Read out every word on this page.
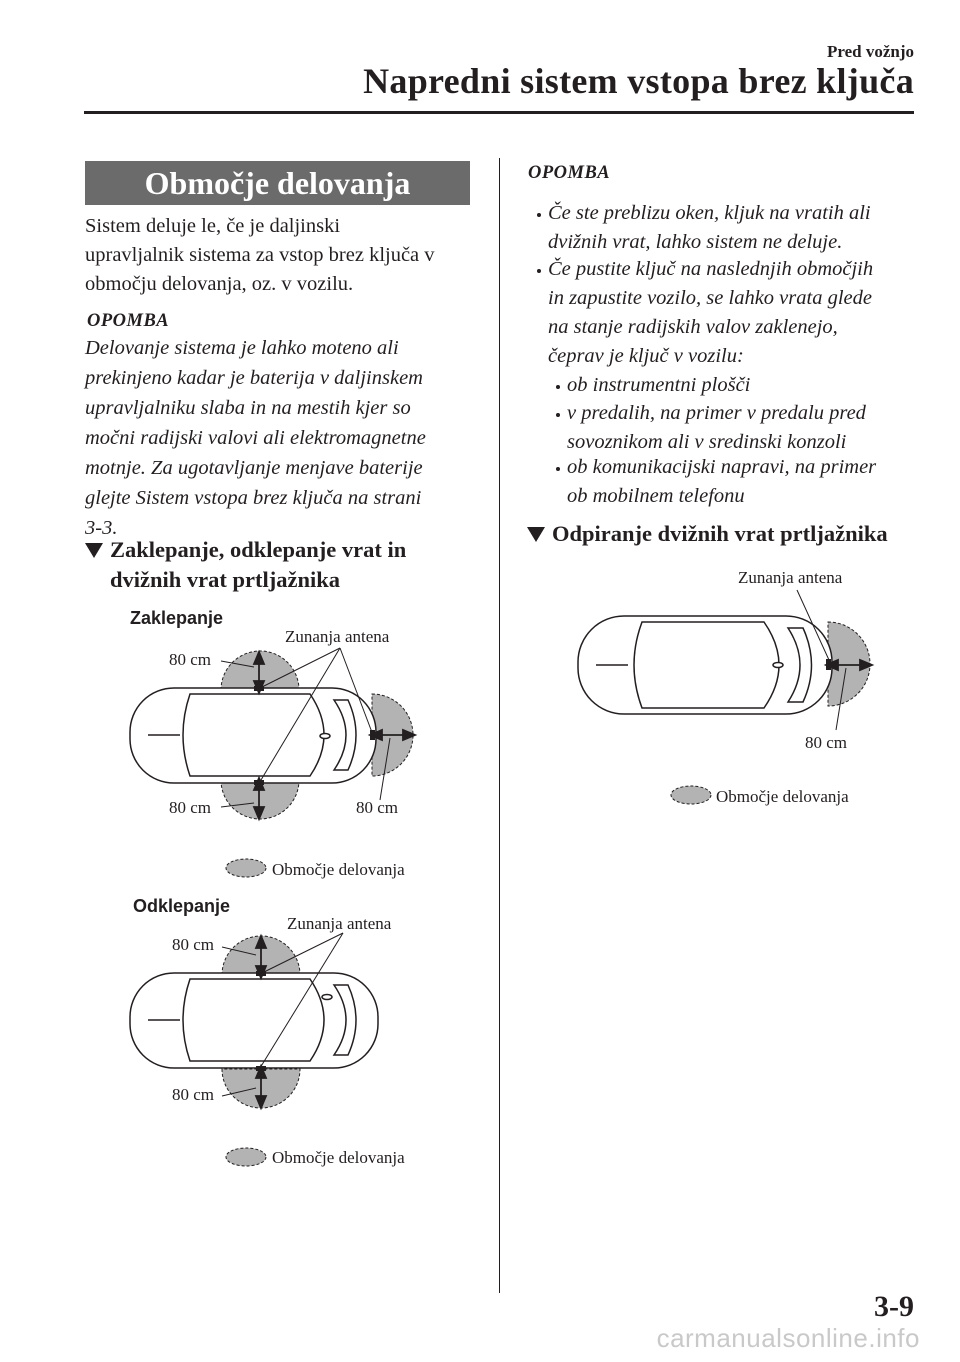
Pred vožnjo
Napredni sistem vstopa brez ključa
Območje delovanja
Sistem deluje le, če je daljinski
upravljalnik sistema za vstop brez ključa v
območju delovanja, oz. v vozilu.
OPOMBA
Delovanje sistema je lahko moteno ali
prekinjeno kadar je baterija v daljinskem
upravljalniku slaba in na mestih kjer so
močni radijski valovi ali elektromagnetne
motnje. Za ugotavljanje menjave baterije
glejte Sistem vstopa brez ključa na strani
3-3.
Zaklepanje, odklepanje vrat in
dvižnih vrat prtljažnika
Zaklepanje
Zunanja antena
80 cm
80 cm	80 cm
Območje delovanja
Odklepanje
Zunanja antena
80 cm
80 cm
Območje delovanja
OPOMBA
Če ste preblizu oken, kljuk na vratih ali
dvižnih vrat, lahko sistem ne deluje.
Če pustite ključ na naslednjih območjih
in zapustite vozilo, se lahko vrata glede
na stanje radijskih valov zaklenejo,
čeprav je ključ v vozilu:
ob instrumentni plošči
v predalih, na primer v predalu pred
sovoznikom ali v sredinski konzoli
ob komunikacijski napravi, na primer
ob mobilnem telefonu
Odpiranje dvižnih vrat prtljažnika
Zunanja antena
80 cm
Območje delovanja
3-9
carmanualsonline.info
